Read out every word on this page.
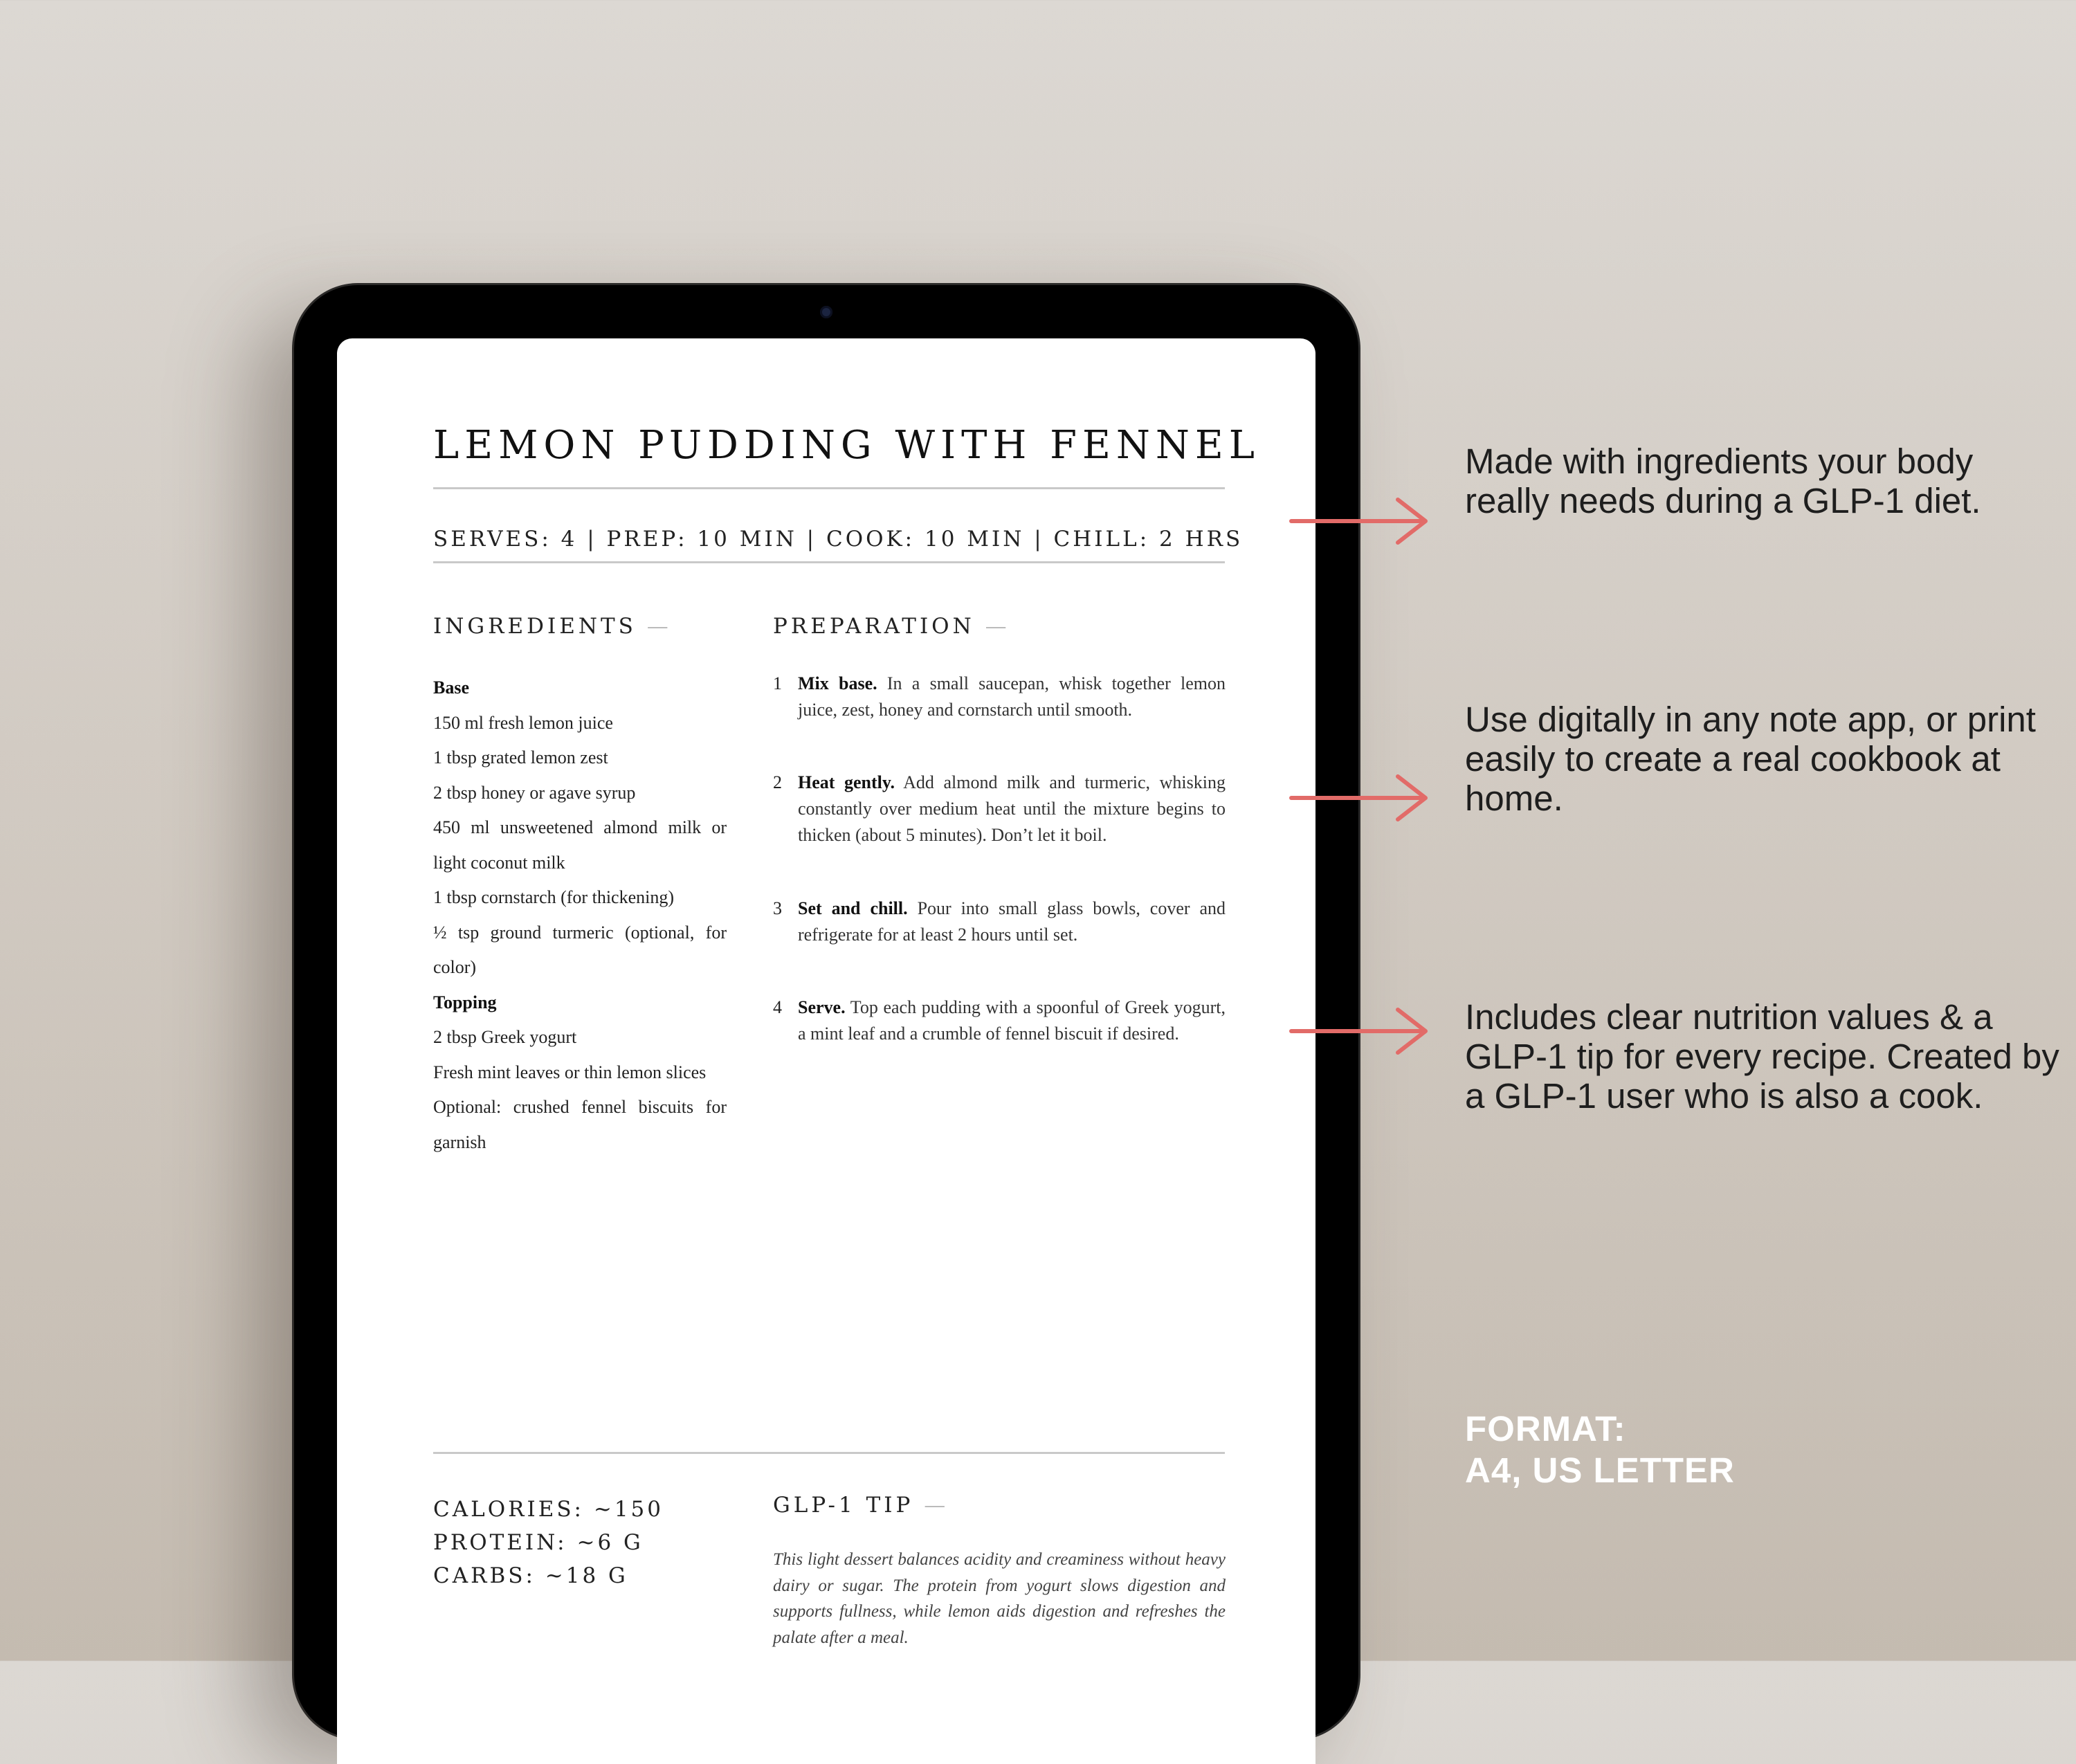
LEMON PUDDING WITH FENNEL
SERVES: 4 | PREP: 10 MIN | COOK: 10 MIN | CHILL: 2 HRS
INGREDIENTS —	PREPARATION —
Base
150 ml fresh lemon juice
1 tbsp grated lemon zest
2 tbsp honey or agave syrup
450 ml unsweetened almond milk or light coconut milk
1 tbsp cornstarch (for thickening)
½ tsp ground turmeric (optional, for color)
Topping
2 tbsp Greek yogurt
Fresh mint leaves or thin lemon slices
Optional: crushed fennel biscuits for garnish
1 Mix base. In a small saucepan, whisk together lemon juice, zest, honey and cornstarch until smooth.
2 Heat gently. Add almond milk and turmeric, whisking constantly over medium heat until the mixture begins to thicken (about 5 minutes). Don’t let it boil.
3 Set and chill. Pour into small glass bowls, cover and refrigerate for at least 2 hours until set.
4 Serve. Top each pudding with a spoonful of Greek yogurt, a mint leaf and a crumble of fennel biscuit if desired.
CALORIES: ~150
PROTEIN: ~6 G
CARBS: ~18 G
GLP-1 TIP —
This light dessert balances acidity and creaminess without heavy dairy or sugar. The protein from yogurt slows digestion and supports fullness, while lemon aids digestion and refreshes the palate after a meal.
Made with ingredients your body really needs during a GLP-1 diet.
Use digitally in any note app, or print easily to create a real cookbook at home.
Includes clear nutrition values & a GLP-1 tip for every recipe. Created by a GLP-1 user who is also a cook.
FORMAT:
A4, US LETTER
